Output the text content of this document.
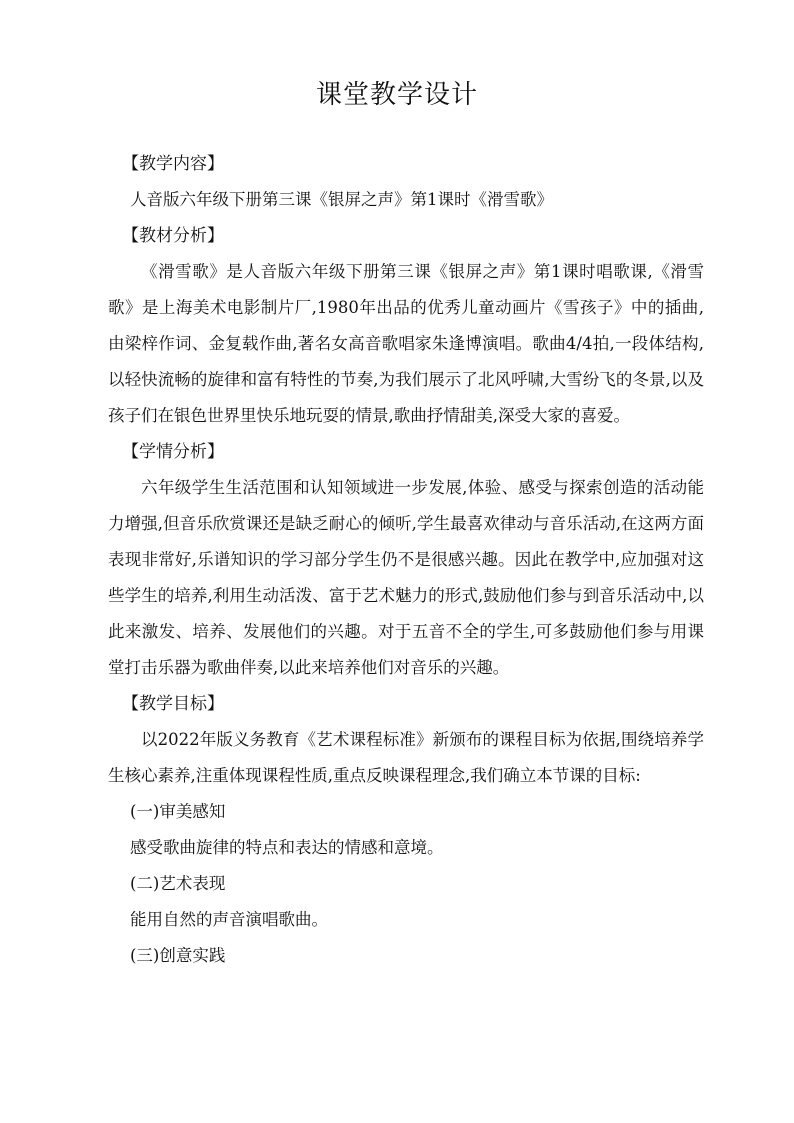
课堂教学设计
【教学内容】
人音版六年级下册第三课《银屏之声》第1课时《滑雪歌》
【教材分析】

《滑雪歌》是人音版六年级下册第三课《银屏之声》第1课时唱歌课,《滑雪歌》是上海美术电影制片厂,1980年出品的优秀儿童动画片《雪孩子》中的插曲,由梁梓作词、金复载作曲,著名女高音歌唱家朱逢博演唱。歌曲4/4拍,一段体结构,以轻快流畅的旋律和富有特性的节奏,为我们展示了北风呼啸,大雪纷飞的冬景,以及孩子们在银色世界里快乐地玩耍的情景,歌曲抒情甜美,深受大家的喜爱。

【学情分析】

六年级学生生活范围和认知领域进一步发展,体验、感受与探索创造的活动能力增强,但音乐欣赏课还是缺乏耐心的倾听,学生最喜欢律动与音乐活动,在这两方面表现非常好,乐谱知识的学习部分学生仍不是很感兴趣。因此在教学中,应加强对这些学生的培养,利用生动活泼、富于艺术魅力的形式,鼓励他们参与到音乐活动中,以此来激发、培养、发展他们的兴趣。对于五音不全的学生,可多鼓励他们参与用课堂打击乐器为歌曲伴奏,以此来培养他们对音乐的兴趣。

【教学目标】

以2022年版义务教育《艺术课程标准》新颁布的课程目标为依据,围绕培养学生核心素养,注重体现课程性质,重点反映课程理念,我们确立本节课的目标:

(一)审美感知
感受歌曲旋律的特点和表达的情感和意境。
(二)艺术表现
能用自然的声音演唱歌曲。
(三)创意实践
